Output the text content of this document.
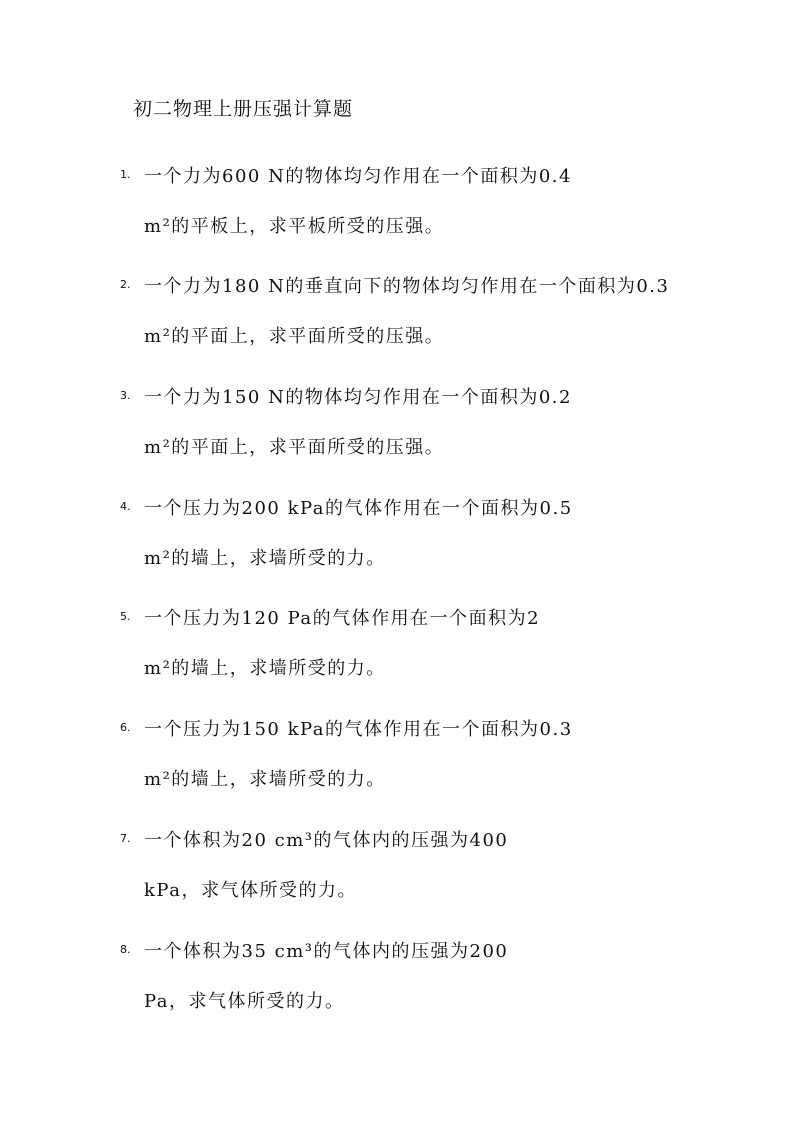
初二物理上册压强计算题
1. 一个力为600 N的物体均匀作用在一个面积为0.4
m²的平板上，求平板所受的压强。
2. 一个力为180 N的垂直向下的物体均匀作用在一个面积为0.3
m²的平面上，求平面所受的压强。
3. 一个力为150 N的物体均匀作用在一个面积为0.2
m²的平面上，求平面所受的压强。
4. 一个压力为200 kPa的气体作用在一个面积为0.5
m²的墙上，求墙所受的力。
5. 一个压力为120 Pa的气体作用在一个面积为2
m²的墙上，求墙所受的力。
6. 一个压力为150 kPa的气体作用在一个面积为0.3
m²的墙上，求墙所受的力。
7. 一个体积为20 cm³的气体内的压强为400
kPa，求气体所受的力。
8. 一个体积为35 cm³的气体内的压强为200
Pa，求气体所受的力。
